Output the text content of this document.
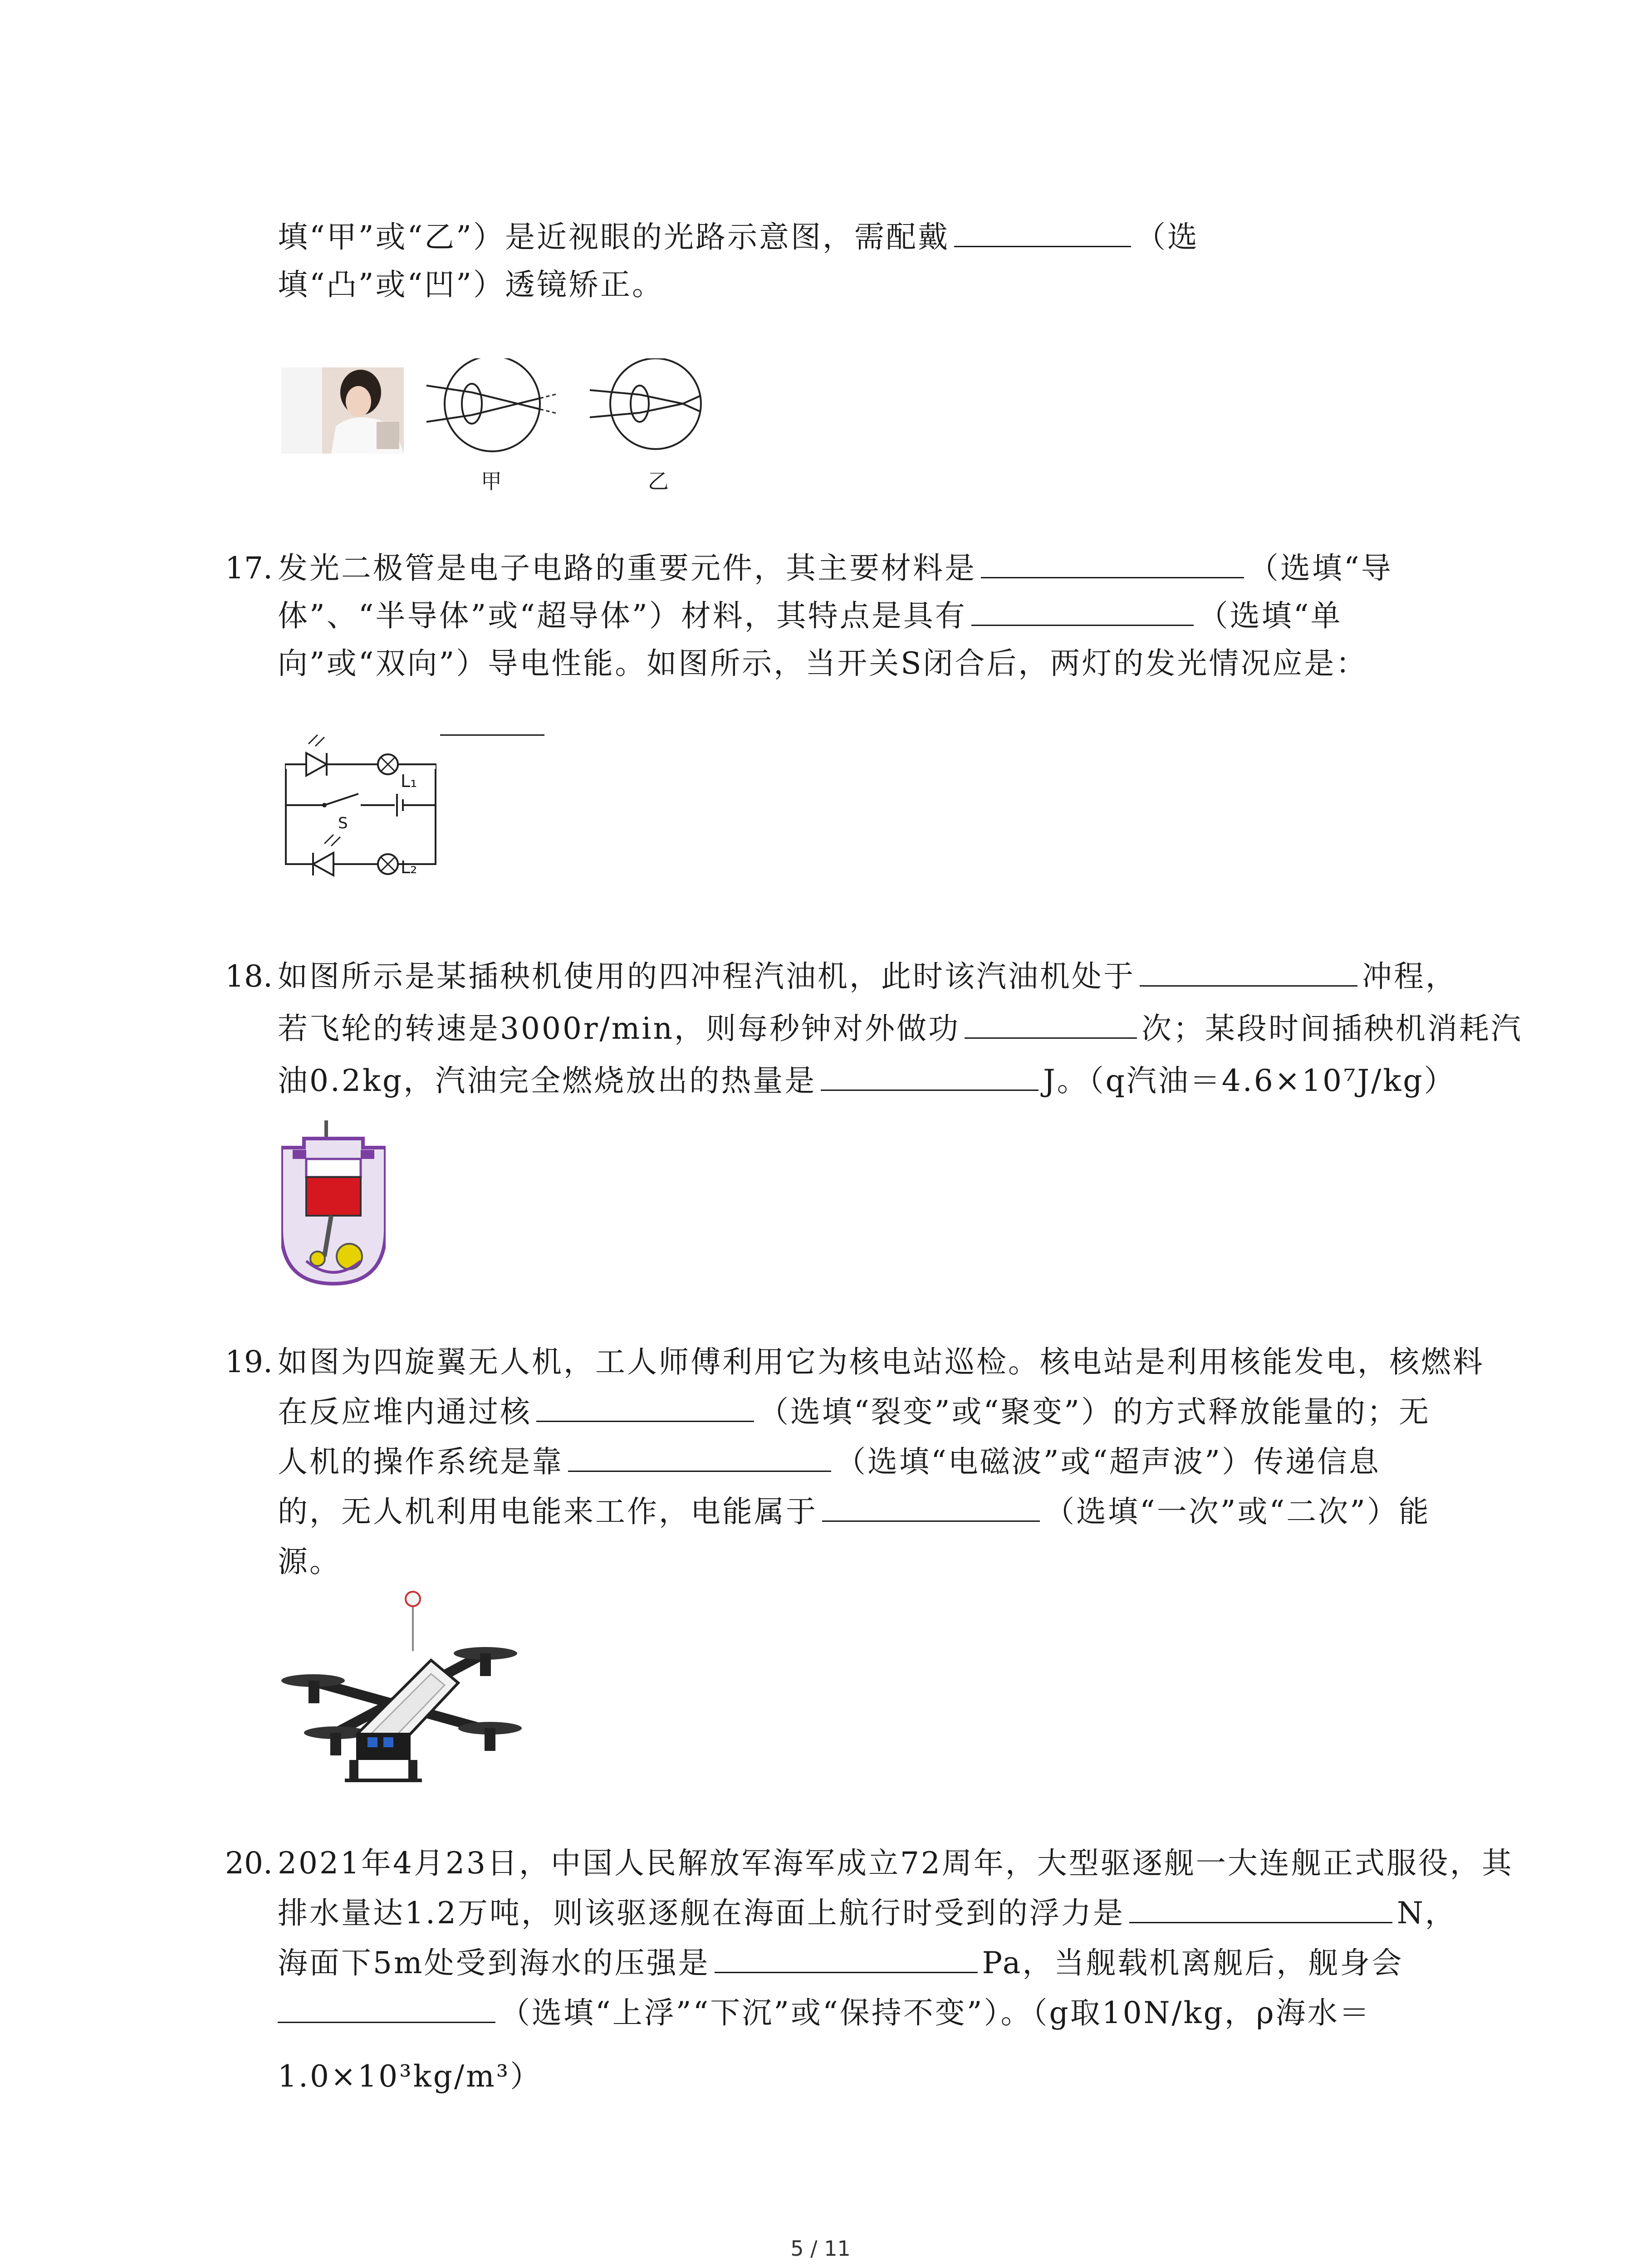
填“甲”或“乙”）是近视眼的光路示意图，需配戴	（选
填“凸”或“凹”）透镜矫正。
甲	乙
17. 发光二极管是电子电路的重要元件，其主要材料是	（选填“导
体”、“半导体”或“超导体”）材料，其特点是具有	（选填“单
向”或“双向”）导电性能。如图所示，当开关S闭合后，两灯的发光情况应是：
L₁
S
L₂
18. 如图所示是某插秧机使用的四冲程汽油机，此时该汽油机处于	冲程，
若飞轮的转速是3000r/min，则每秒钟对外做功	次；某段时间插秧机消耗汽
油0.2kg，汽油完全燃烧放出的热量是	J。（q汽油＝4.6×10⁷J/kg）
19. 如图为四旋翼无人机，工人师傅利用它为核电站巡检。核电站是利用核能发电，核燃料
在反应堆内通过核	（选填“裂变”或“聚变”）的方式释放能量的；无
人机的操作系统是靠	（选填“电磁波”或“超声波”）传递信息
的，无人机利用电能来工作，电能属于	（选填“一次”或“二次”）能
源。
20. 2021年4月23日，中国人民解放军海军成立72周年，大型驱逐舰一大连舰正式服役，其
排水量达1.2万吨，则该驱逐舰在海面上航行时受到的浮力是	N，
海面下5m处受到海水的压强是	Pa，当舰载机离舰后，舰身会
（选填“上浮”“下沉”或“保持不变”）。（g取10N/kg，ρ海水＝
1.0×10³kg/m³）
5 / 11
